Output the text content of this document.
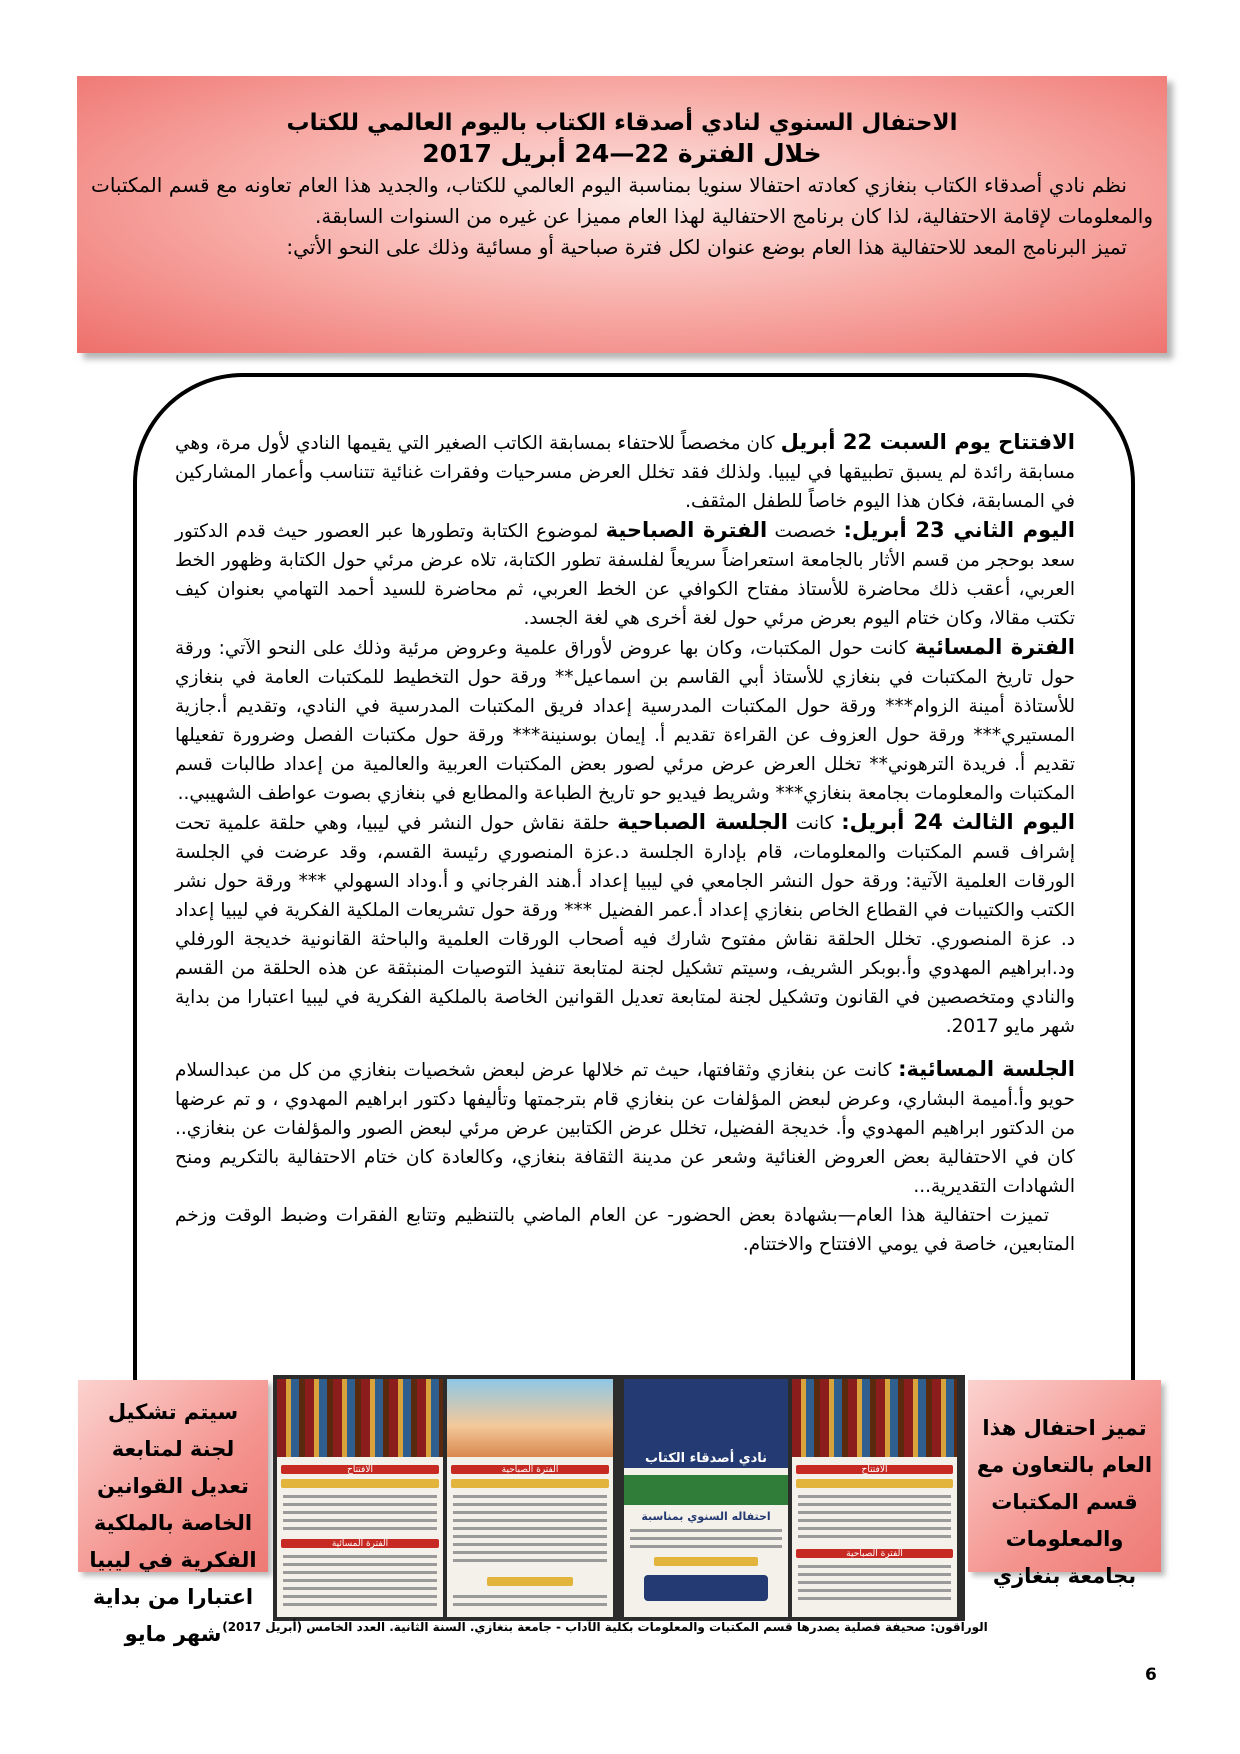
الاحتفال السنوي لنادي أصدقاء الكتاب باليوم العالمي للكتاب
خلال الفترة 22—24 أبريل 2017

نظم نادي أصدقاء الكتاب بنغازي كعادته احتفالا سنويا بمناسبة اليوم العالمي للكتاب، والجديد هذا العام تعاونه مع قسم المكتبات والمعلومات لإقامة الاحتفالية، لذا كان برنامج الاحتفالية لهذا العام مميزا عن غيره من السنوات السابقة.

تميز البرنامج المعد للاحتفالية هذا العام بوضع عنوان لكل فترة صباحية أو مسائية وذلك على النحو الأتي:

الافتتاح يوم السبت 22 أبريل كان مخصصاً للاحتفاء بمسابقة الكاتب الصغير التي يقيمها النادي لأول مرة، وهي مسابقة رائدة لم يسبق تطبيقها في ليبيا. ولذلك فقد تخلل العرض مسرحيات وفقرات غنائية تتناسب وأعمار المشاركين في المسابقة، فكان هذا اليوم خاصاً للطفل المثقف.

اليوم الثاني 23 أبريل: خصصت الفترة الصباحية لموضوع الكتابة وتطورها عبر العصور حيث قدم الدكتور سعد بوحجر من قسم الأثار بالجامعة استعراضاً سريعاً لفلسفة تطور الكتابة، تلاه عرض مرئي حول الكتابة وظهور الخط العربي، أعقب ذلك محاضرة للأستاذ مفتاح الكوافي عن الخط العربي، ثم محاضرة للسيد أحمد التهامي بعنوان كيف تكتب مقالا، وكان ختام اليوم بعرض مرئي حول لغة أخرى هي لغة الجسد.

الفترة المسائية كانت حول المكتبات، وكان بها عروض لأوراق علمية وعروض مرئية وذلك على النحو الآتي: ورقة حول تاريخ المكتبات في بنغازي للأستاذ أبي القاسم بن اسماعيل** ورقة حول التخطيط للمكتبات العامة في بنغازي للأستاذة أمينة الزوام*** ورقة حول المكتبات المدرسية إعداد فريق المكتبات المدرسية في النادي، وتقديم أ.جازية المستيري*** ورقة حول العزوف عن القراءة تقديم أ. إيمان بوسنينة*** ورقة حول مكتبات الفصل وضرورة تفعيلها تقديم أ. فريدة الترهوني** تخلل العرض عرض مرئي لصور بعض المكتبات العربية والعالمية من إعداد طالبات قسم المكتبات والمعلومات بجامعة بنغازي*** وشريط فيديو حو تاريخ الطباعة والمطابع في بنغازي بصوت عواطف الشهيبي..

اليوم الثالث 24 أبريل: كانت الجلسة الصباحية حلقة نقاش حول النشر في ليبيا، وهي حلقة علمية تحت إشراف قسم المكتبات والمعلومات، قام بإدارة الجلسة د.عزة المنصوري رئيسة القسم، وقد عرضت في الجلسة الورقات العلمية الآتية: ورقة حول النشر الجامعي في ليبيا إعداد أ.هند الفرجاني و أ.وداد السهولي *** ورقة حول نشر الكتب والكتيبات في القطاع الخاص بنغازي إعداد أ.عمر الفضيل *** ورقة حول تشريعات الملكية الفكرية في ليبيا إعداد د. عزة المنصوري. تخلل الحلقة نقاش مفتوح شارك فيه أصحاب الورقات العلمية والباحثة القانونية خديجة الورفلي ود.ابراهيم المهدوي وأ.بوبكر الشريف، وسيتم تشكيل لجنة لمتابعة تنفيذ التوصيات المنبثقة عن هذه الحلقة من القسم والنادي ومتخصصين في القانون وتشكيل لجنة لمتابعة تعديل القوانين الخاصة بالملكية الفكرية في ليبيا اعتبارا من بداية شهر مايو 2017.

الجلسة المسائية: كانت عن بنغازي وثقافتها، حيث تم خلالها عرض لبعض شخصيات بنغازي من كل من عبدالسلام حويو وأ.أميمة البشاري، وعرض لبعض المؤلفات عن بنغازي قام بترجمتها وتأليفها دكتور ابراهيم المهدوي ، و تم عرضها من الدكتور ابراهيم المهدوي وأ. خديجة الفضيل، تخلل عرض الكتابين عرض مرئي لبعض الصور والمؤلفات عن بنغازي.. كان في الاحتفالية بعض العروض الغنائية وشعر عن مدينة الثقافة بنغازي، وكالعادة كان ختام الاحتفالية بالتكريم ومنح الشهادات التقديرية...

تميزت احتفالية هذا العام—بشهادة بعض الحضور- عن العام الماضي بالتنظيم وتتابع الفقرات وضبط الوقت وزخم المتابعين، خاصة في يومي الافتتاح والاختتام.

سيتم تشكيل لجنة لمتابعة تعديل القوانين الخاصة بالملكية الفكرية في ليبيا اعتبارا من بداية شهر مايو
الافتتاح
الفترة المسائية
الفترة الصباحية
نادي أصدقاء الكتاب
احتفاله السنوي بمناسبة
الافتتاح
الفترة الصباحية
تميز احتفال هذا العام بالتعاون مع قسم المكتبات والمعلومات بجامعة بنغازي
الوراقون: صحيفة فصلية يصدرها قسم المكتبات والمعلومات بكلية الآداب - جامعة بنغازي. السنة الثانية. العدد الخامس (أبريل 2017)
6
